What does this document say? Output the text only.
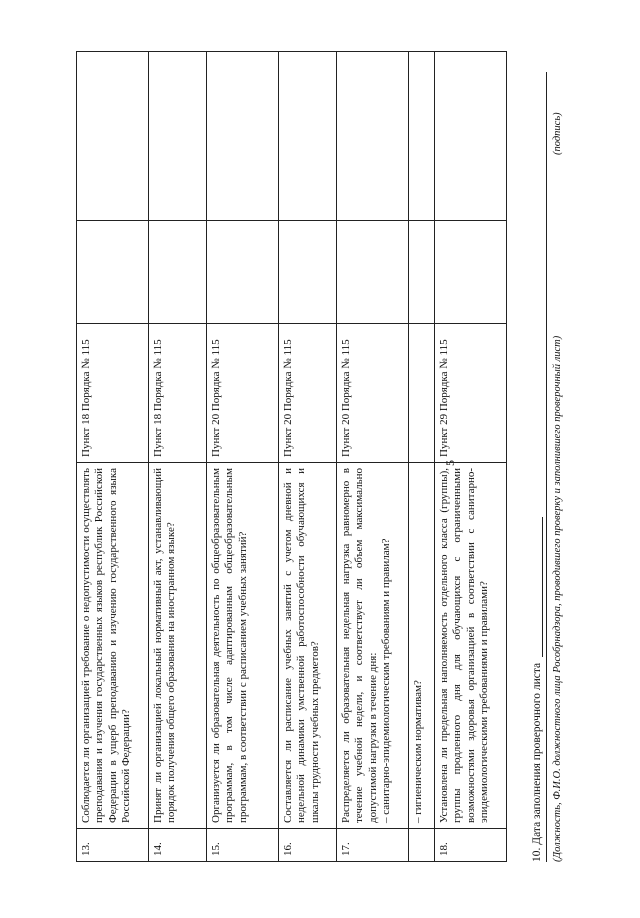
5
13.	Соблюдается ли организацией требование о недопустимости осуществлять преподавания и изучения государственных языков республик Российской Федерации в ущерб преподаванию и изучению государственного языка Российской Федерации?	Пункт 18 Порядка № 115		
14.	Принят ли организацией локальный нормативный акт, устанавливающий порядок получения общего образования на иностранном языке?	Пункт 18 Порядка № 115		
15.	Организуется ли образовательная деятельность по общеобразовательным программам, в том числе адаптированным общеобразовательным программам, в соответствии с расписанием учебных занятий?	Пункт 20 Порядка № 115		
16.	Составляется ли расписание учебных занятий с учетом дневной и недельной динамики умственной работоспособности обучающихся и шкалы трудности учебных предметов?	Пункт 20 Порядка № 115		
17.	Распределяется ли образовательная недельная нагрузка равномерно в течение учебной недели, и соответствует ли объем максимально допустимой нагрузки в течение дня: – санитарно-эпидемиологическим требованиям и правилам?	Пункт 20 Порядка № 115		
	– гигиеническим нормативам?			
18.	Установлена ли предельная наполняемость отдельного класса (группы), группы продленного дня для обучающихся с ограниченными возможностями здоровья организацией в соответствии с санитарно-эпидемиологическими требованиями и правилами?	Пункт 29 Порядка № 115		
10. Дата заполнения проверочного листа (Должность, Ф.И.О. должностного лица Рособрнадзора, проводившего проверку и заполнившего проверочный лист)
(подпись)
